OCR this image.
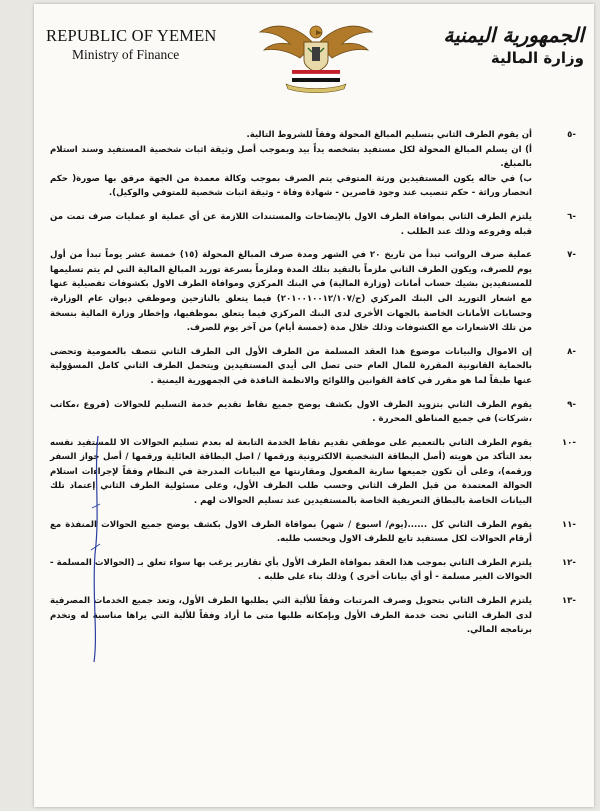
REPUBLIC OF YEMEN
Ministry of Finance
الجمهورية اليمنية
وزارة المالية
-٥

أن يقوم الطرف الثاني بتسليم المبالغ المحولة وفقاً للشروط التالية.

أ) ان يسلم المبالغ المحولة لكل مستفيد بشخصه يداً بيد وبموجب أصل وثيقة اثبات شخصية المستفيد وسند استلام بالمبلغ.

ب) في حاله يكون المستفيدين ورثة المتوفي يتم الصرف بموجب وكالة معمدة من الجهة مرفق بها صورة( حكم انحصار وراثة - حكم تنصيب عند وجود قاصرين - شهادة وفاة - وثيقة اثبات شخصية للمتوفي والوكيل).

-٦

يلتزم الطرف الثاني بموافاة الطرف الاول بالإيضاحات والمستندات اللازمة عن أي عملية او عمليات صرف تمت من قبله وفروعه وذلك عند الطلب .

-٧

عملية صرف الرواتب تبدأ من تاريخ ٢٠ في الشهر ومدة صرف المبالغ المحولة (١٥) خمسة عشر يوماً تبدأ من أول يوم للصرف، ويكون الطرف الثاني ملزماً بالتقيد بتلك المدة وملزماً بسرعة توريد المبالغ المالية التي لم يتم تسليمها للمستفيدين بشيك حساب أمانات (وزارة المالية) في البنك المركزي وموافاة الطرف الاول بكشوفات تفصيلية عنها مع اشعار التوريد الى البنك المركزي (ح/٢٠١٠٠١٠٠١٢/١٠٧) فيما يتعلق بالنازحين وموظفي ديوان عام الوزارة، وحسابات الأمانات الخاصة بالجهات الأخرى لدى البنك المركزي فيما يتعلق بموظفيها، وإخطار وزارة المالية بنسخة من تلك الاشعارات مع الكشوفات وذلك خلال مدة (خمسة أيام) من آخر يوم للصرف.

-٨

إن الاموال والبيانات موضوع هذا العقد المسلمة من الطرف الأول الى الطرف الثاني تتصف بالعمومية وتحضى بالحماية القانونية المقررة للمال العام حتى تصل الى أيدي المستفيدين ويتحمل الطرف الثاني كامل المسؤولية عنها طبقاً لما هو مقرر في كافة القوانين واللوائح والانظمة النافذة في الجمهورية اليمنية .

-٩

يقوم الطرف الثاني بتزويد الطرف الاول بكشف يوضح جميع نقاط تقديم خدمة التسليم للحوالات (فروع ،مكاتب ،شركات) في جميع المناطق المحررة .

-١٠

يقوم الطرف الثاني بالتعميم على موظفي تقديم نقاط الخدمة التابعة له بعدم تسليم الحوالات الا للمستفيد نفسه بعد التأكد من هويته (أصل البطاقة الشخصية الالكترونية ورقمها / اصل البطاقة العائلية ورقمها / أصل جواز السفر ورقمه)، وعلى أن تكون جميعها سارية المفعول ومقارنتها مع البيانات المدرجة في النظام وفقاً لإجراءات استلام الحوالة المعتمدة من قبل الطرف الثاني وحسب طلب الطرف الأول، وعلى مسئولية الطرف الثاني إعتماد تلك البيانات الخاصة بالبطاق التعريفية الخاصة بالمستفيدين عند تسليم الحوالات لهم .

-١١

يقوم الطرف الثاني كل ......(يوم/ اسبوع / شهر) بموافاة الطرف الاول بكشف يوضح جميع الحوالات المنفذة مع أرقام الحوالات لكل مستفيد تابع للطرف الاول وبحسب طلبه.

-١٢

يلتزم الطرف الثاني بموجب هذا العقد بموافاة الطرف الأول بأي تقارير يرغب بها سواء تعلق بـ (الحوالات المسلمة - الحوالات الغير مسلمة - أو أي بيانات أخرى ) وذلك بناء على طلبه .

-١٣

يلتزم الطرف الثاني بتحويل وصرف المرتبات وفقاً للألية التي يطلبها الطرف الأول، وتعد جميع الخدمات المصرفية لدى الطرف الثاني تحت خدمة الطرف الأول وبإمكانه طلبها متى ما أراد وفقاً للألية التي يراها مناسبة له وتخدم برنامجه المالي.
